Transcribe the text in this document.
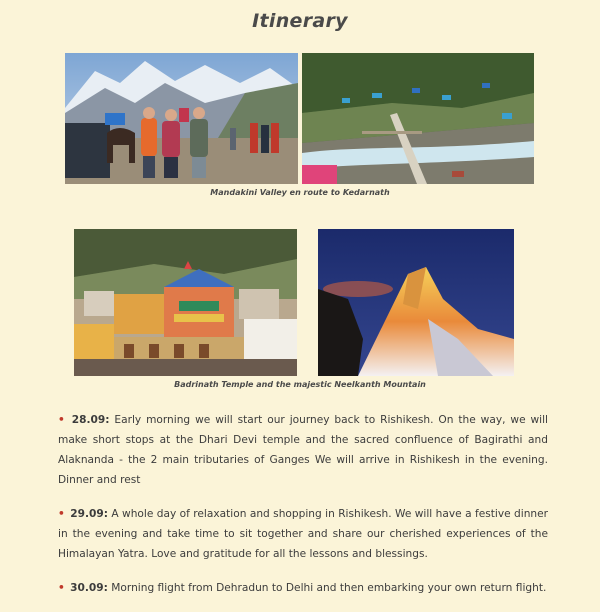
Itinerary
Mandakini Valley en route to Kedarnath
Badrinath Temple and the majestic Neelkanth Mountain

• 28.09: Early morning we will start our journey back to Rishikesh. On the way, we will make short stops at the Dhari Devi temple and the sacred confluence of Bagirathi and Alaknanda - the 2 main tributaries of Ganges We will arrive in Rishikesh in the evening. Dinner and rest

• 29.09: A whole day of relaxation and shopping in Rishikesh. We will have a festive dinner in the evening and take time to sit together and share our cherished experiences of the Himalayan Yatra. Love and gratitude for all the lessons and blessings.

• 30.09: Morning flight from Dehradun to Delhi and then embarking your own return flight.
